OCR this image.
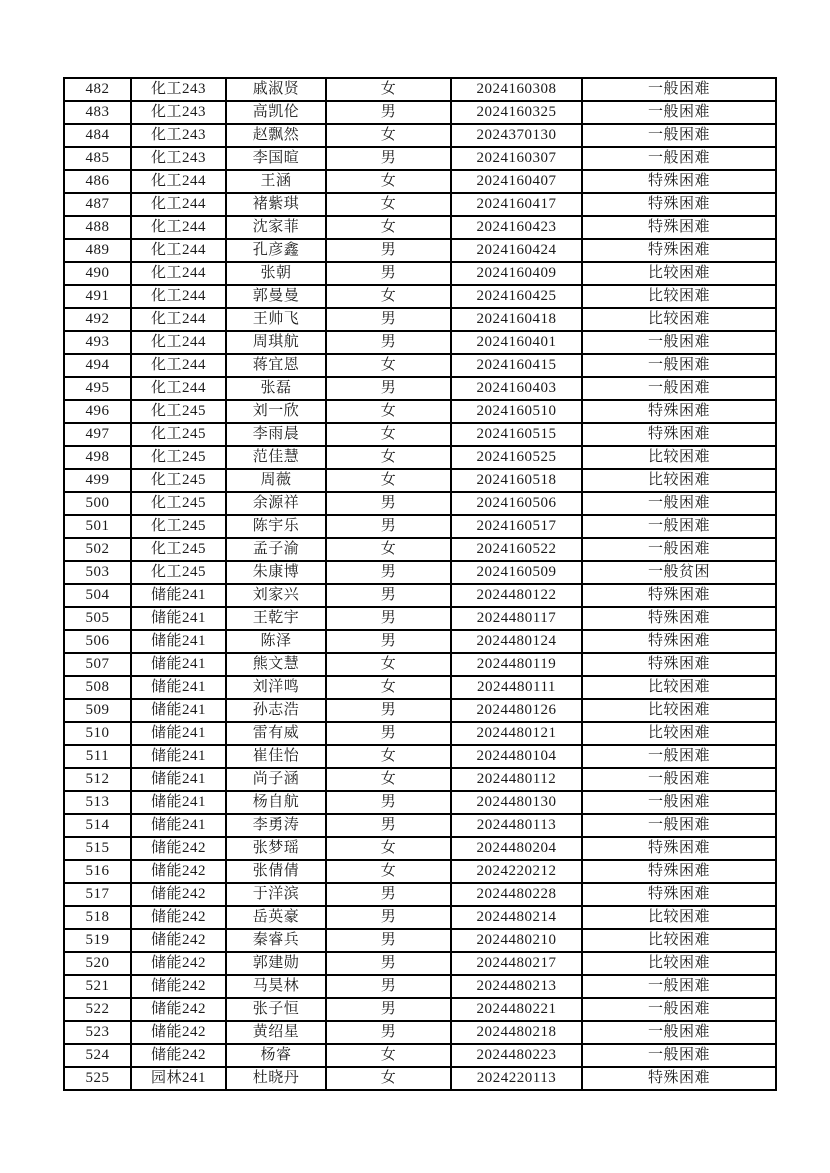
482	化工243	戚淑贤	女	2024160308	一般困难
483	化工243	高凯伦	男	2024160325	一般困难
484	化工243	赵飘然	女	2024370130	一般困难
485	化工243	李国暄	男	2024160307	一般困难
486	化工244	王涵	女	2024160407	特殊困难
487	化工244	褚紫琪	女	2024160417	特殊困难
488	化工244	沈家菲	女	2024160423	特殊困难
489	化工244	孔彦鑫	男	2024160424	特殊困难
490	化工244	张朝	男	2024160409	比较困难
491	化工244	郭曼曼	女	2024160425	比较困难
492	化工244	王帅飞	男	2024160418	比较困难
493	化工244	周琪航	男	2024160401	一般困难
494	化工244	蒋宜恩	女	2024160415	一般困难
495	化工244	张磊	男	2024160403	一般困难
496	化工245	刘一欣	女	2024160510	特殊困难
497	化工245	李雨晨	女	2024160515	特殊困难
498	化工245	范佳慧	女	2024160525	比较困难
499	化工245	周薇	女	2024160518	比较困难
500	化工245	余源祥	男	2024160506	一般困难
501	化工245	陈宇乐	男	2024160517	一般困难
502	化工245	孟子渝	女	2024160522	一般困难
503	化工245	朱康博	男	2024160509	一般贫困
504	储能241	刘家兴	男	2024480122	特殊困难
505	储能241	王乾宇	男	2024480117	特殊困难
506	储能241	陈泽	男	2024480124	特殊困难
507	储能241	熊文慧	女	2024480119	特殊困难
508	储能241	刘洋鸣	女	2024480111	比较困难
509	储能241	孙志浩	男	2024480126	比较困难
510	储能241	雷有威	男	2024480121	比较困难
511	储能241	崔佳怡	女	2024480104	一般困难
512	储能241	尚子涵	女	2024480112	一般困难
513	储能241	杨自航	男	2024480130	一般困难
514	储能241	李勇涛	男	2024480113	一般困难
515	储能242	张梦瑶	女	2024480204	特殊困难
516	储能242	张倩倩	女	2024220212	特殊困难
517	储能242	于洋滨	男	2024480228	特殊困难
518	储能242	岳英豪	男	2024480214	比较困难
519	储能242	秦睿兵	男	2024480210	比较困难
520	储能242	郭建勋	男	2024480217	比较困难
521	储能242	马昊林	男	2024480213	一般困难
522	储能242	张子恒	男	2024480221	一般困难
523	储能242	黄绍星	男	2024480218	一般困难
524	储能242	杨睿	女	2024480223	一般困难
525	园林241	杜晓丹	女	2024220113	特殊困难
